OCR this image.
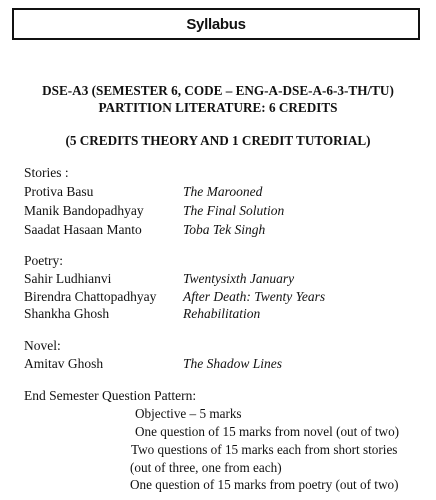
Syllabus
DSE-A3 (SEMESTER 6, CODE – ENG-A-DSE-A-6-3-TH/TU)
PARTITION LITERATURE: 6 CREDITS
(5 CREDITS THEORY AND 1 CREDIT TUTORIAL)
Stories :
Protiva Basu	The Marooned
Manik Bandopadhyay	The Final Solution
Saadat Hasaan Manto	Toba Tek Singh
Poetry:
Sahir Ludhianvi	Twentysixth January
Birendra Chattopadhyay After Death: Twenty Years
Shankha Ghosh	Rehabilitation
Novel:
Amitav Ghosh	The Shadow Lines
End Semester Question Pattern:
Objective – 5 marks
One question of 15 marks from novel (out of two)
Two questions of 15 marks each from short stories
(out of three, one from each)
One question of 15 marks from poetry (out of two)
